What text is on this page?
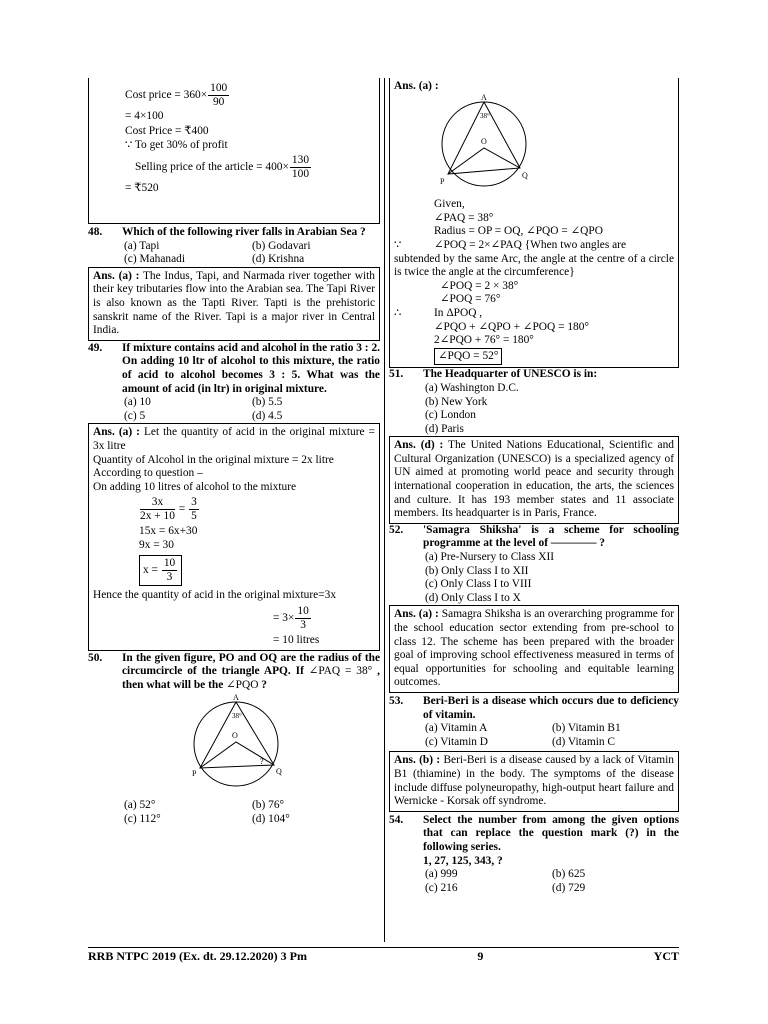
Cost price = $360\times \frac{100}{90}$
= 4×100
Cost Price = ₹400
∵ To get 30% of profit
Selling price of the article = $400\times \frac{130}{100}$
= ₹520
48.	Which of the following river falls in Arabian Sea ?
(a) Tapi	(b) Godavari
(c) Mahanadi	(d) Krishna
Ans. (a) : The Indus, Tapi, and Narmada river together with their key tributaries flow into the Arabian sea. The Tapi River is also known as the Tapti River. Tapti is the prehistoric sanskrit name of the River. Tapi is a major river in Central India.
49.	If mixture contains acid and alcohol in the ratio 3 : 2. On adding 10 ltr of alcohol to this mixture, the ratio of acid to alcohol becomes 3 : 5. What was the amount of acid (in ltr) in original mixture.
(a) 10	(b) 5.5
(c) 5	(d) 4.5
Ans. (a) : Let the quantity of acid in the original mixture = 3x litre
Quantity of Alcohol in the original mixture = 2x litre
According to question –
On adding 10 litres of alcohol to the mixture
$\frac{3x}{2x + 10} = \frac{3}{5}$
15x = 6x+30
9x = 30
$x = \frac{10}{3}$
Hence the quantity of acid in the original mixture=3x
= $3\times \frac{10}{3}$
= 10 litres
50.	In the given figure, PO and OQ are the radius of the circumcircle of the triangle APQ. If ∠PAQ = 38° , then what will be the ∠PQO ?
A
38°
O
P	Q
?
(a) 52°	(b) 76°
(c) 112°	(d) 104°
Ans. (a) :
A
38°
O
P
Q
Given,
∠PAQ = 38°
Radius = OP = OQ, ∠PQO = ∠QPO
∵	∠POQ = 2×∠PAQ {When two angles are
subtended by the same Arc, the angle at the centre of a circle is twice the angle at the circumference}
∠POQ = 2 × 38°
∠POQ = 76°
∴	In ΔPOQ ,
∠PQO + ∠QPO + ∠POQ = 180°
2∠PQO + 76° = 180°
∠PQO = 52°
51.	The Headquarter of UNESCO is in:
(a) Washington D.C.
(b) New York
(c) London
(d) Paris
Ans. (d) : The United Nations Educational, Scientific and Cultural Organization (UNESCO) is a specialized agency of UN aimed at promoting world peace and security through international cooperation in education, the arts, the sciences and culture. It has 193 member states and 11 associate members. Its headquarter is in Paris, France.
52.	'Samagra Shiksha' is a scheme for schooling programme at the level of ———— ?
(a) Pre-Nursery to Class XII
(b) Only Class I to XII
(c) Only Class I to VIII
(d) Only Class I to X
Ans. (a) : Samagra Shiksha is an overarching programme for the school education sector extending from pre-school to class 12. The scheme has been prepared with the broader goal of improving school effectiveness measured in terms of equal opportunities for schooling and equitable learning outcomes.
53.	Beri-Beri is a disease which occurs due to deficiency of vitamin.
(a) Vitamin A	(b) Vitamin B1
(c) Vitamin D	(d) Vitamin C
Ans. (b) : Beri-Beri is a disease caused by a lack of Vitamin B1 (thiamine) in the body. The symptoms of the disease include diffuse polyneuropathy, high-output heart failure and Wernicke - Korsak off syndrome.
54.	Select the number from among the given options that can replace the question mark (?) in the following series.
1, 27, 125, 343, ?
(a) 999	(b) 625
(c) 216	(d) 729
RRB NTPC 2019 (Ex. dt. 29.12.2020) 3 Pm	9	YCT
